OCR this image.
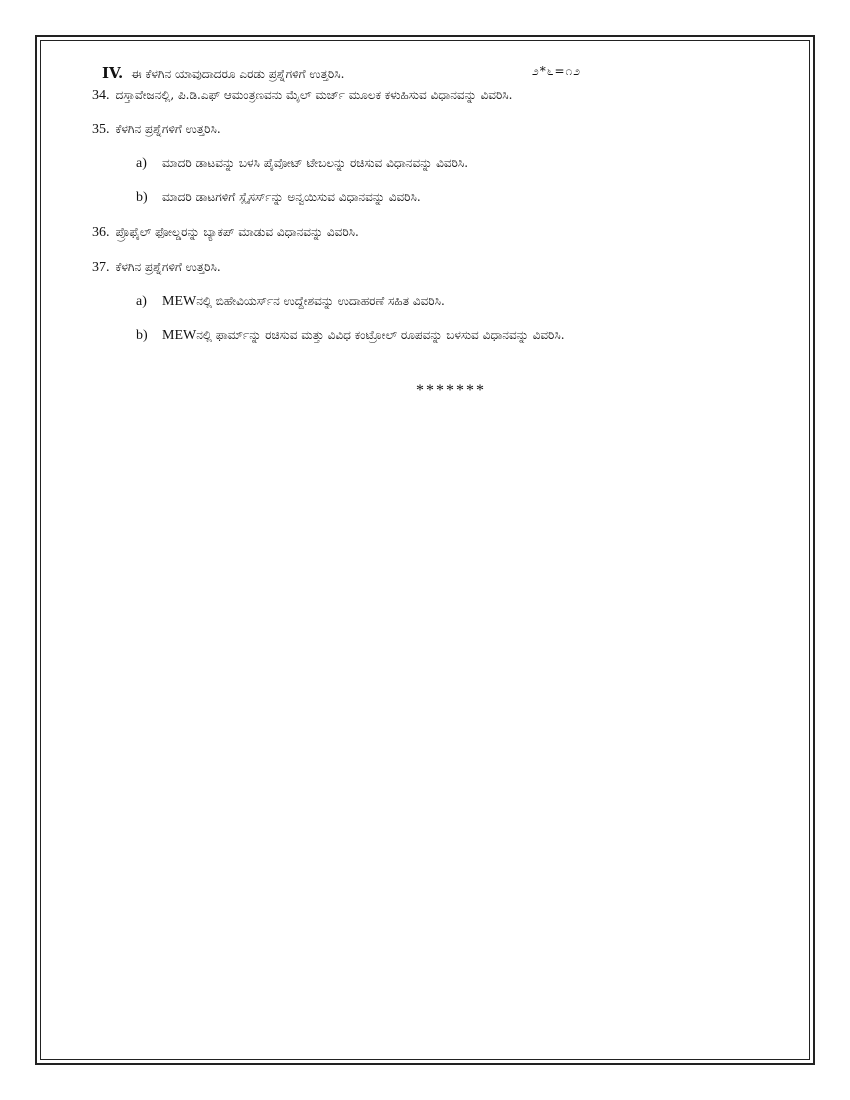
IV. ಈ ಕೆಳಗಿನ ಯಾವುದಾದರೂ ಎರಡು ಪ್ರಶ್ನೆಗಳಿಗೆ ಉತ್ತರಿಸಿ.	೨*೬=೧೨
34. ದಸ್ತಾವೇಜನಲ್ಲಿ, ಪಿ.ಡಿ.ಎಫ್ ಆಮಂತ್ರಣವನು ಮೈಲ್ ಮರ್ಜ್ ಮೂಲಕ ಕಳುಹಿಸುವ ವಿಧಾನವನ್ನು ವಿವರಿಸಿ.
35. ಕೆಳಗಿನ ಪ್ರಶ್ನೆಗಳಿಗೆ ಉತ್ತರಿಸಿ.
a)	ಮಾದರಿ ಡಾಟವನ್ನು ಬಳಸಿ ಪೈವೋಟ್ ಟೇಬಲನ್ನು ರಚಿಸುವ ವಿಧಾನವನ್ನು ವಿವರಿಸಿ.
b)	ಮಾದರಿ ಡಾಟಗಳಿಗೆ ಸ್ಲೈಸರ್ಸ್‌ನ್ನು ಅನ್ವಯಿಸುವ ವಿಧಾನವನ್ನು ವಿವರಿಸಿ.
36. ಪ್ರೊಫೈಲ್ ಫೋಲ್ಡರನ್ನು ಬ್ಯಾಕಪ್ ಮಾಡುವ ವಿಧಾನವನ್ನು ವಿವರಿಸಿ.
37. ಕೆಳಗಿನ ಪ್ರಶ್ನೆಗಳಿಗೆ ಉತ್ತರಿಸಿ.
a)	MEWನಲ್ಲಿ ಬಿಹೇವಿಯರ್ಸ್‌ನ ಉದ್ದೇಶವನ್ನು ಉದಾಹರಣೆ ಸಹಿತ ವಿವರಿಸಿ.
b)	MEWನಲ್ಲಿ ಫಾರ್ಮ್‌ನ್ನು ರಚಿಸುವ ಮತ್ತು ವಿವಿಧ ಕಂಟ್ರೋಲ್ ರೂಪವನ್ನು ಬಳಸುವ ವಿಧಾನವನ್ನು ವಿವರಿಸಿ.
*******
